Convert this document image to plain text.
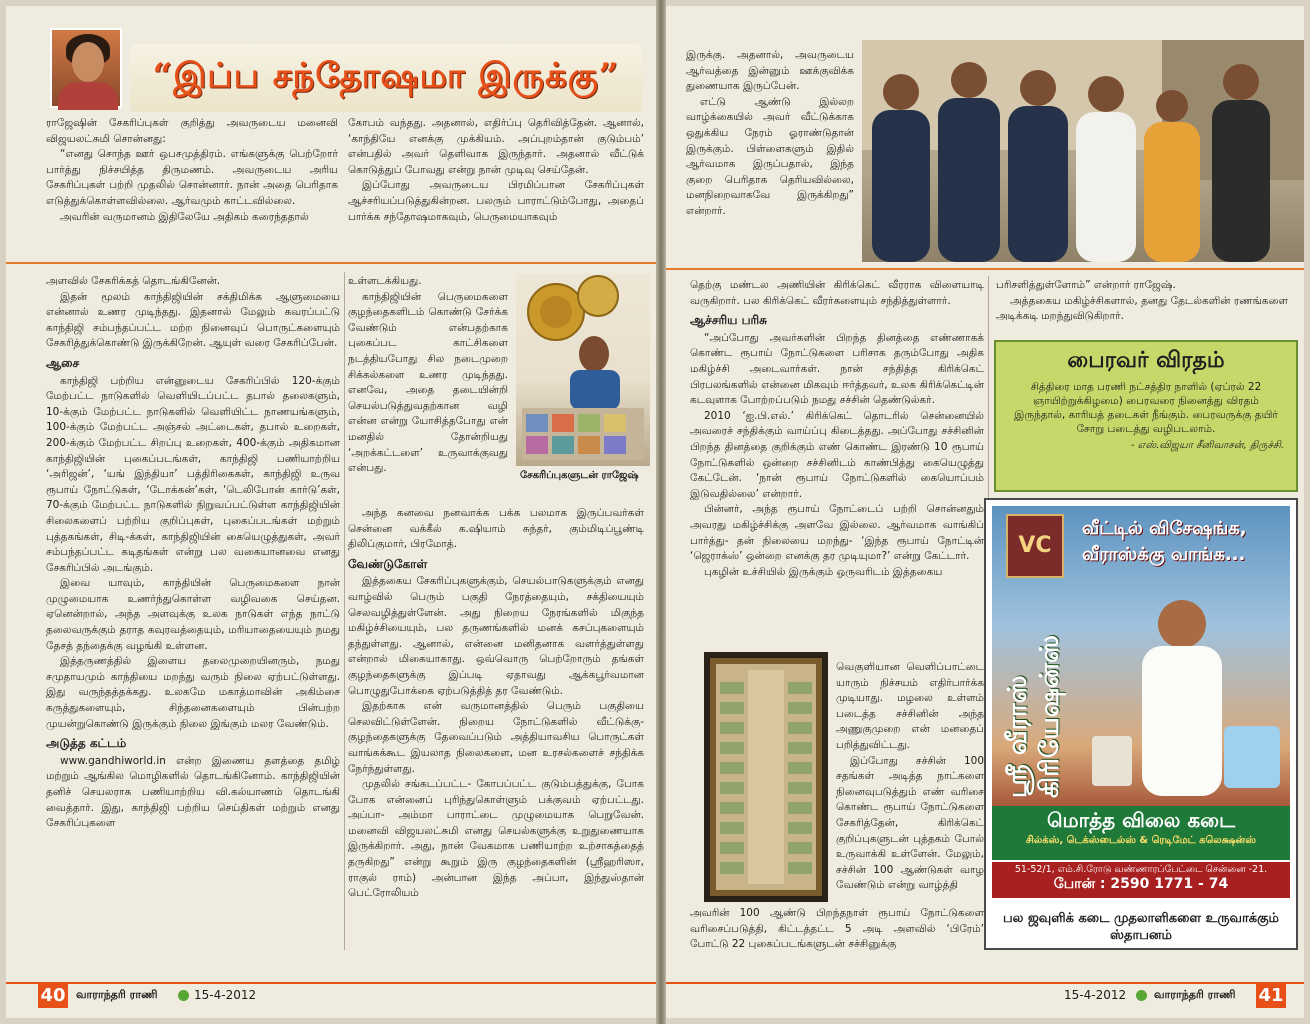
“இப்ப சந்தோஷமா இருக்கு”

ராஜேஷின் சேகரிப்புகள் குறித்து அவருடைய மனைவி விஜயலட்சுமி சொன்னது:

“எனது சொந்த ஊர் ஒபசமுத்திரம். எங்களுக்கு பெற்றோர் பார்த்து நிச்சயித்த திருமணம். அவருடைய அரிய சேகரிப்புகள் பற்றி முதலில் சொன்னார். நான் அதை பெரிதாக எடுத்துக்கொள்ளவில்லை. ஆர்வமும் காட்டவில்லை.

அவரின் வருமானம் இதிலேயே அதிகம் கரைந்ததால்

கோபம் வந்தது. அதனால், எதிர்ப்பு தெரிவித்தேன். ஆனால், ‘காந்தியே எனக்கு முக்கியம். அப்புறம்தான் குடும்பம்’ என்பதில் அவர் தெளிவாக இருந்தார். அதனால் வீட்டுக் கொடுத்துப் போவது என்று நான் முடிவு செய்தேன்.

இப்போது அவருடைய பிரமிப்பான சேகரிப்புகள் ஆச்சரியப்படுத்துகின்றன. பலரும் பாராட்டும்போது, அதைப் பார்க்க சந்தோஷமாகவும், பெருமையாகவும்

அளவில் சேகரிக்கத் தொடங்கினேன்.

இதன் மூலம் காந்திஜியின் சக்திமிக்க ஆளுமையை என்னால் உணர முடிந்தது. இதனால் மேலும் கவரப்பட்டு காந்திஜி சம்பந்தப்பட்ட மற்ற நினைவுப் பொருட்களையும் சேகரித்துக்கொண்டு இருக்கிறேன். ஆயுள் வரை சேகரிப்பேன்.

ஆசை

காந்திஜி பற்றிய என்னுடைய சேகரிப்பில் 120-க்கும் மேற்பட்ட நாடுகளில் வெளியிடப்பட்ட தபால் தலைகளும், 10-க்கும் மேற்பட்ட நாடுகளில் வெளியிட்ட நாணயங்களும், 100-க்கும் மேற்பட்ட அஞ்சல் அட்டைகள், தபால் உறைகள், 200-க்கும் மேற்பட்ட சிறப்பு உறைகள், 400-க்கும் அதிகமான காந்திஜியின் புகைப்படங்கள், காந்திஜி பணியாற்றிய ‘அரிஜன்’, ‘யங் இந்தியா’ பத்திரிகைகள், காந்திஜி உருவ ரூபாய் நோட்டுகள், ‘டோக்கன்’கள், ‘டெலிபோன் கார்டு’கள், 70-க்கும் மேற்பட்ட நாடுகளில் நிறுவப்பட்டுள்ள காந்திஜியின் சிலைகளைப் பற்றிய குறிப்புகள், புகைப்படங்கள் மற்றும் புத்தகங்கள், சிடி-க்கள், காந்திஜியின் கையெழுத்துகள், அவர் சம்பந்தப்பட்ட கடிதங்கள் என்று பல வகையானவை எனது சேகரிப்பில் அடங்கும்.

இவை யாவும், காந்தியின் பெருமைகளை நான் முழுமையாக உணர்ந்துகொள்ள வழிவகை செய்தன. ஏனென்றால், அந்த அளவுக்கு உலக நாடுகள் எந்த நாட்டு தலைவருக்கும் தராத கவுரவத்தையும், மரியாதையையும் நமது தேசத் தந்தைக்கு வழங்கி உள்ளன.

இத்தருணத்தில் இளைய தலைமுறையினரும், நமது சமுதாயமும் காந்தியை மறந்து வரும் நிலை ஏற்பட்டுள்ளது. இது வருந்தத்தக்கது. உலகமே மகாத்மாவின் அகிம்சை கருத்துகளையும், சிந்தனைகளையும் பின்பற்ற முயன்றுகொண்டு இருக்கும் நிலை இங்கும் மலர வேண்டும்.

அடுத்த கட்டம்

www.gandhiworld.in என்ற இணைய தளத்தை தமிழ் மற்றும் ஆங்கில மொழிகளில் தொடங்கினோம். காந்திஜியின் தனிச் செயலராக பணியாற்றிய வி.கல்யாணம் தொடங்கி வைத்தார். இது, காந்திஜி பற்றிய செய்திகள் மற்றும் எனது சேகரிப்புகளை

உள்ளடக்கியது.

காந்திஜியின் பெருமைகளை குழந்தைகளிடம் கொண்டு சேர்க்க வேண்டும் என்பதற்காக புகைப்பட காட்சிகளை நடத்தியபோது சில நடைமுறை சிக்கல்களை உணர முடிந்தது. எனவே, அதை தடையின்றி செயல்படுத்துவதற்கான வழி என்ன என்று யோசித்தபோது என் மனதில் தோன்றியது ‘அறக்கட்டளை’ உருவாக்குவது என்பது.

சேகரிப்புகளுடன் ராஜேஷ்

அந்த கனவை நனவாக்க பக்க பலமாக இருப்பவர்கள் சென்னை வக்கீல் க.ஷியாம் சுந்தர், கும்மிடிப்பூண்டி திலிப்குமார், பிரமோத்.

வேண்டுகோள்

இத்தகைய சேகரிப்புகளுக்கும், செயல்பாடுகளுக்கும் எனது வாழ்வில் பெரும் பகுதி நேரத்தையும், சக்தியையும் செலவழித்துள்ளேன். அது நிறைய நேரங்களில் மிகுந்த மகிழ்ச்சியையும், பல தருணங்களில் மனக் கசப்புகளையும் தந்துள்ளது. ஆனால், என்னை மனிதனாக வளர்த்துள்ளது என்றால் மிகையாகாது. ஒவ்வொரு பெற்றோரும் தங்கள் குழந்தைகளுக்கு இப்படி ஏதாவது ஆக்கபூர்வமான பொழுதுபோக்கை ஏற்படுத்தித் தர வேண்டும்.

இதற்காக என் வருமானத்தில் பெரும் பகுதியை செலவிட்டுள்ளேன். நிறைய நோட்டுகளில் வீட்டுக்கு-குழந்தைகளுக்கு தேவைப்படும் அத்தியாவசிய பொருட்கள் வாங்கக்கூட இயலாத நிலைகளை, மன உரசல்களைச் சந்திக்க நேர்ந்துள்ளது.

முதலில் சங்கடப்பட்ட- கோபப்பட்ட குடும்பத்துக்கு, போக போக என்னைப் புரிந்துகொள்ளும் பக்குவம் ஏற்பட்டது. அப்பா- அம்மா பாராட்டை முழுமையாக பெறுவேன். மனைவி விஜயலட்சுமி எனது செயல்களுக்கு உறுதுணையாக இருக்கிறார். அது, நான் வேகமாக பணியாற்ற உற்சாகத்தைத் தருகிறது” என்று கூறும் இரு குழந்தைகளின் (ஸ்ரீஹரிஸா, ராகுல் ராம்) அன்பான இந்த அப்பா, இந்துஸ்தான் பெட்ரோலியம்

40 வாராந்தரி ராணி	15-4-2012

இருக்கு. அதனால், அவருடைய ஆர்வத்தை இன்னும் ஊக்குவிக்க துணையாக இருப்பேன்.

எட்டு ஆண்டு இல்லற வாழ்க்கையில் அவர் வீட்டுக்காக ஒதுக்கிய நேரம் ஓராண்டுதான் இருக்கும். பிள்ளைகளும் இதில் ஆர்வமாக இருப்பதால், இந்த குறை பெரிதாக தெரியவில்லை, மனநிறைவாகவே இருக்கிறது” என்றார்.

தெற்கு மண்டல அணியின் கிரிக்கெட் வீரராக விளையாடி வருகிறார். பல கிரிக்கெட் வீரர்களையும் சந்தித்துள்ளார்.

ஆச்சரிய பரிசு

“அப்போது அவர்களின் பிறந்த தினத்தை எண்ணாகக் கொண்ட ரூபாய் நோட்டுகளை பரிசாக தரும்போது அதிக மகிழ்ச்சி அடைவார்கள். நான் சந்தித்த கிரிக்கெட் பிரபலங்களில் என்னை மிகவும் ஈர்த்தவர், உலக கிரிக்கெட்டின் கடவுளாக போற்றப்படும் நமது சச்சின் தெண்டுல்கர்.

2010 ‘ஐ.பி.எல்.’ கிரிக்கெட் தொடரில் சென்னையில் அவரைச் சந்திக்கும் வாய்ப்பு கிடைத்தது. அப்போது சச்சினின் பிறந்த தினத்தை குறிக்கும் எண் கொண்ட இரண்டு 10 ரூபாய் நோட்டுகளில் ஒன்றை சச்சினிடம் காண்பித்து கையெழுத்து கேட்டேன். ‘நான் ரூபாய் நோட்டுகளில் கையொப்பம் இடுவதில்லை’ என்றார்.

பின்னர், அந்த ரூபாய் நோட்டைப் பற்றி சொன்னதும் அவரது மகிழ்ச்சிக்கு அளவே இல்லை. ஆர்வமாக வாங்கிப் பார்த்து- தன் நிலையை மறந்து- ‘இந்த ரூபாய் நோட்டின் ‘ஜெராக்ஸ்’ ஒன்றை எனக்கு தர முடியுமா?’ என்று கேட்டார்.

புகழின் உச்சியில் இருக்கும் ஒருவரிடம் இத்தகைய

வெகுளியான வெளிப்பாட்டை யாரும் நிச்சயம் எதிர்பார்க்க முடியாது. மழலை உள்ளம் படைத்த சச்சினின் அந்த அணுகுமுறை என் மனதைப் பறித்துவிட்டது.

இப்போது சச்சின் 100 சதங்கள் அடித்த நாட்களை நினைவுபடுத்தும் எண் வரிசை கொண்ட ரூபாய் நோட்டுகளை சேகரித்தேன், கிரிக்கெட் குறிப்புகளுடன் புத்தகம் போல் உருவாக்கி உள்ளேன். மேலும், சச்சின் 100 ஆண்டுகள் வாழ வேண்டும் என்று வாழ்த்தி

அவரின் 100 ஆண்டு பிறந்தநாள் ரூபாய் நோட்டுகளை வரிசைப்படுத்தி, கிட்டத்தட்ட 5 அடி அளவில் ‘பிரேம்’ போட்டு 22 புகைப்படங்களுடன் சச்சினுக்கு

பரிசளித்துள்ளோம்” என்றார் ராஜேஷ்.

அத்தகைய மகிழ்ச்சிகளால், தனது தேடல்களின் ரணங்களை அடிக்கடி மறந்துவிடுகிறார்.

பைரவர் விரதம்
சித்திரை மாத பரணி நட்சத்திர நாளில் (ஏப்ரல் 22 ஞாயிற்றுக்கிழமை) பைரவரை நினைத்து விரதம் இருந்தால், காரியத் தடைகள் நீங்கும். பைரவருக்கு தயிர் சோறு படைத்து வழிபடலாம்.
- எஸ்.விஜயா சீனிவாசன், திருச்சி.
VC
வீட்டில் விசேஷங்க, வீராஸ்க்கு வாங்க...
ஸ்ரீ வீராஸ் கிரியேஷன்ஸ்
மொத்த விலை கடை
சில்க்ஸ், டெக்ஸ்டைல்ஸ் & ரெடிமேட் கலெக்ஷன்ஸ்
51-52/1, எம்.சி.ரோடு வண்ணாரப்பேட்டை சென்னை -21.
போன் : 2590 1771 - 74
பல ஜவுளிக் கடை முதலாளிகளை உருவாக்கும் ஸ்தாபனம்
15-4-2012	வாராந்தரி ராணி 41
